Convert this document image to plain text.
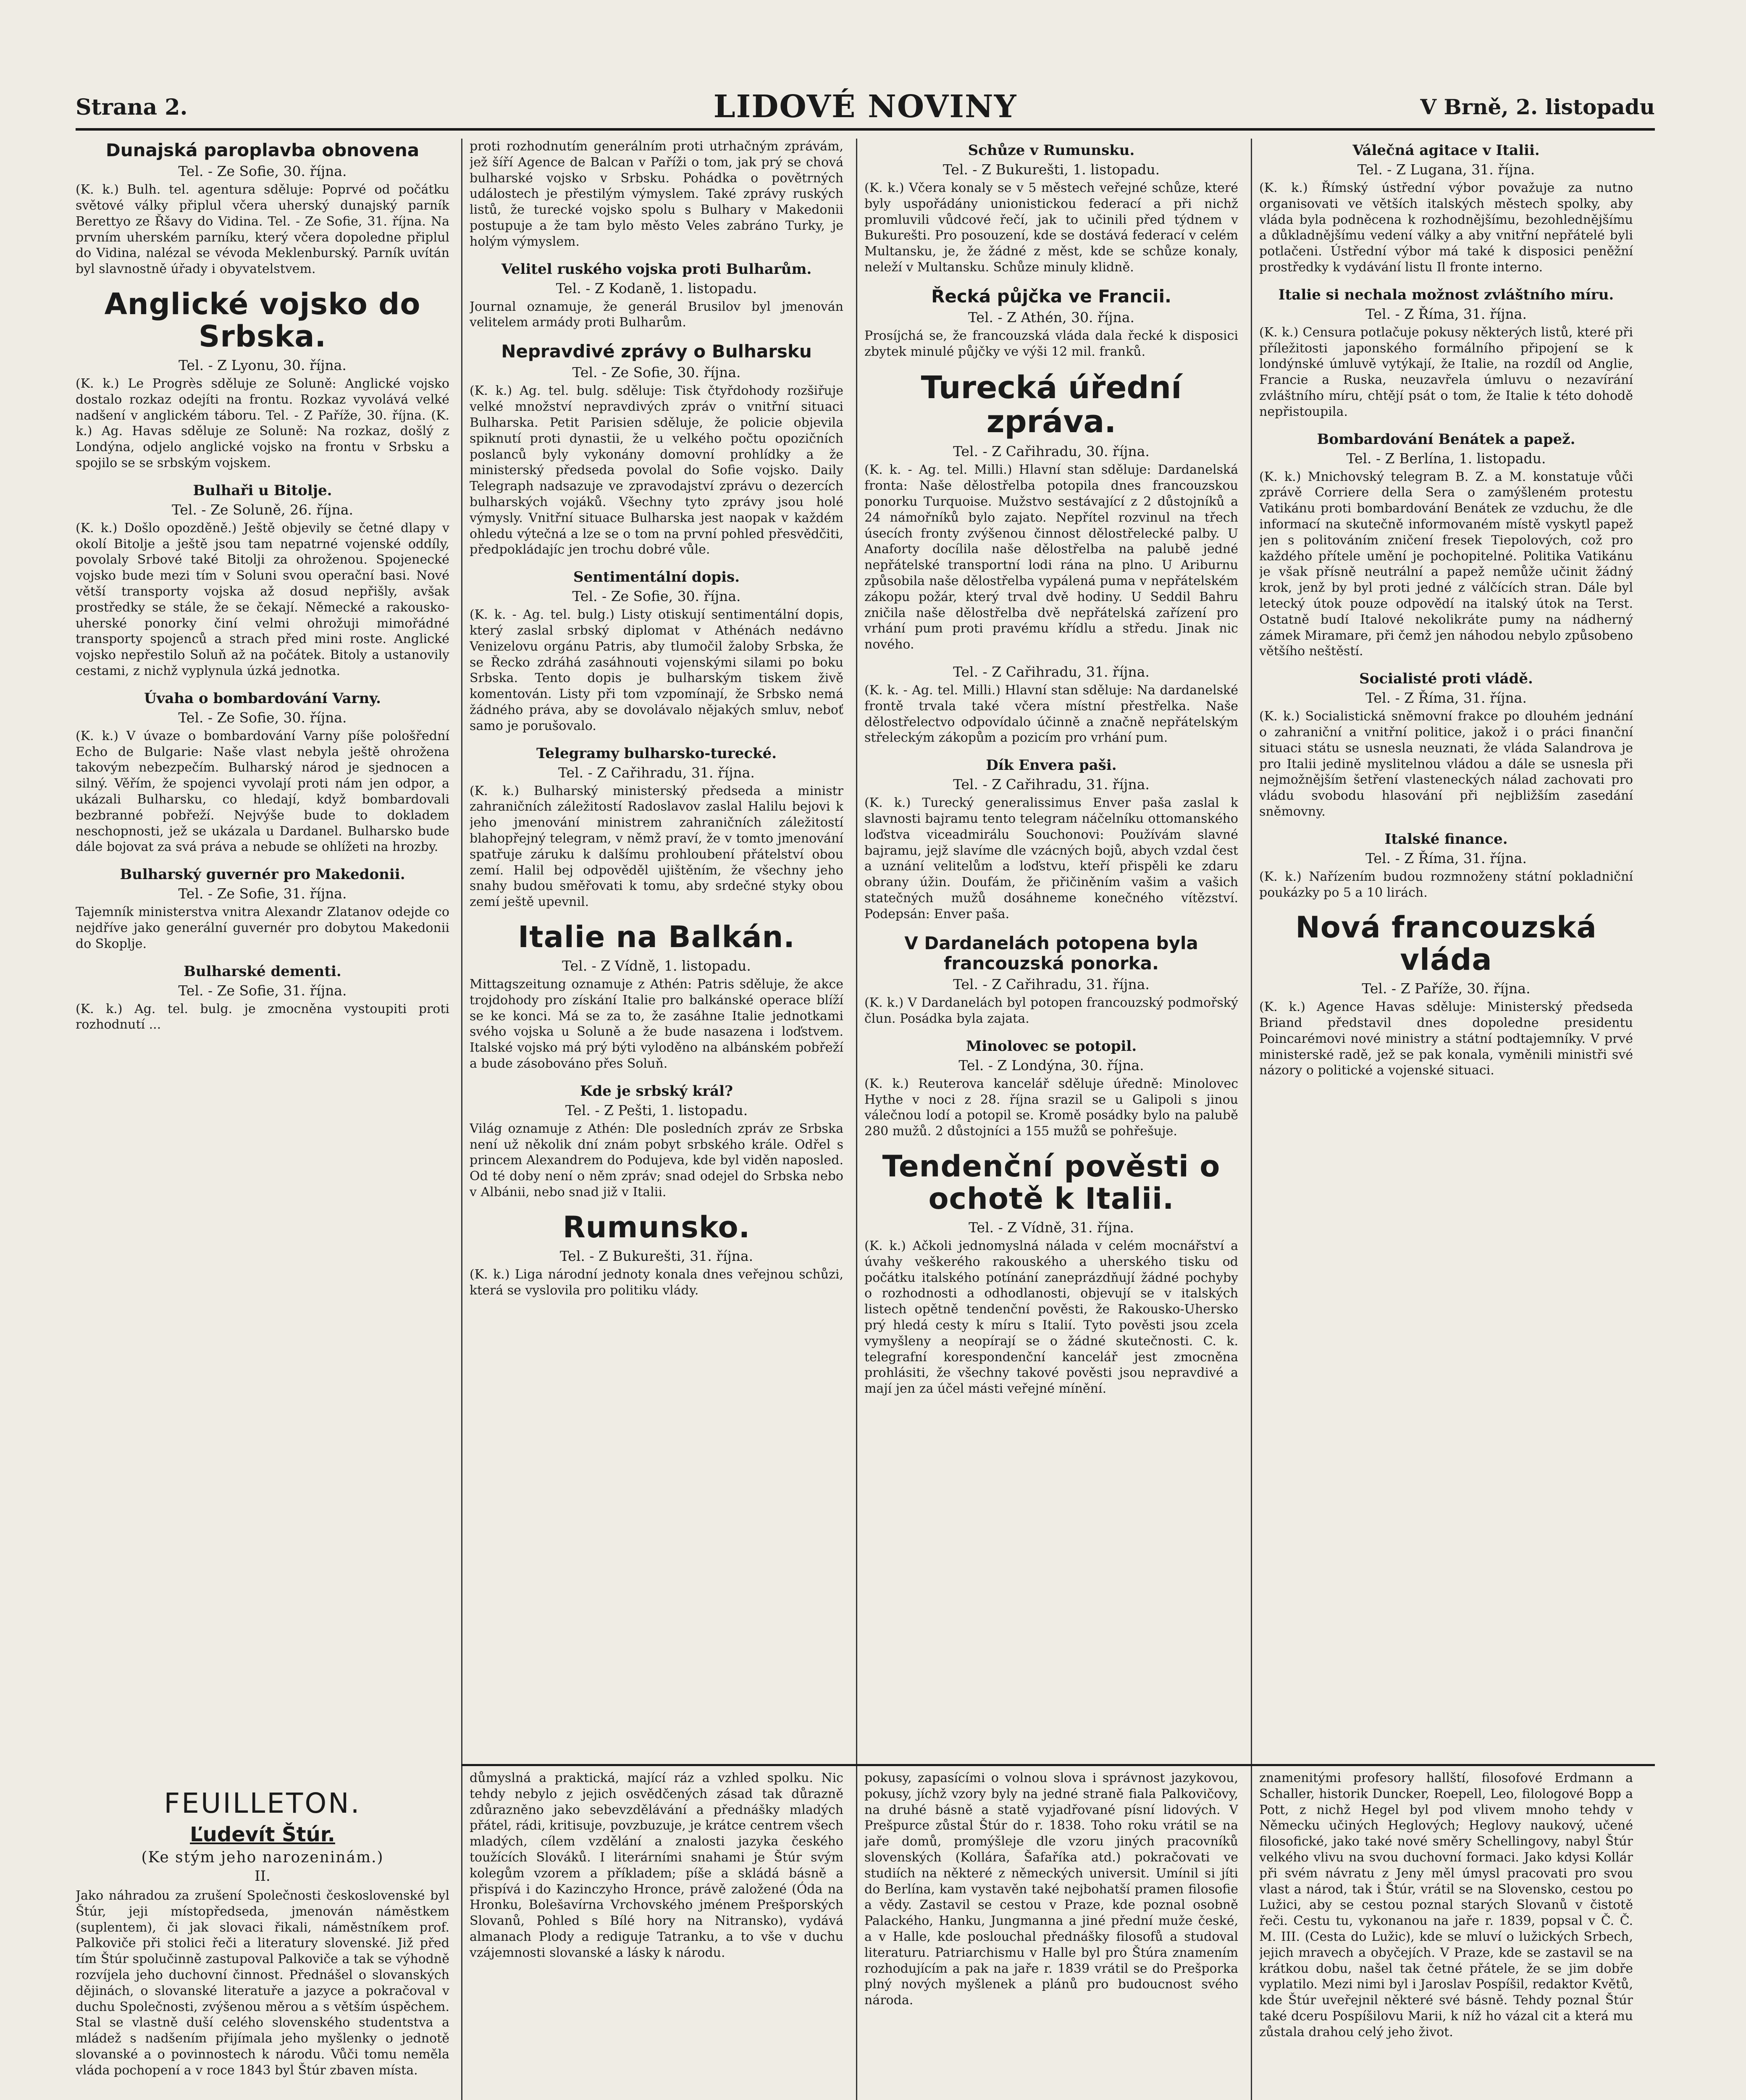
Strana 2.	LIDOVÉ NOVINY	V Brně, 2. listopadu
Dunajská paroplavba obnovena
Tel. - Ze Sofie, 30. října.

(K. k.) Bulh. tel. agentura sděluje: Poprvé od počátku světové války připlul včera uherský dunajský parník Berettyo ze Řšavy do Vidina. Tel. - Ze Sofie, 31. října. Na prvním uherském parníku, který včera dopoledne připlul do Vidina, nalézal se vévoda Meklenburský. Parník uvítán byl slavnostně úřady i obyvatelstvem.

Anglické vojsko do Srbska.
Tel. - Z Lyonu, 30. října.

(K. k.) Le Progrès sděluje ze Soluně: Anglické vojsko dostalo rozkaz odejíti na frontu. Rozkaz vyvolává velké nadšení v anglickém táboru. Tel. - Z Paříže, 30. října. (K. k.) Ag. Havas sděluje ze Soluně: Na rozkaz, došlý z Londýna, odjelo anglické vojsko na frontu v Srbsku a spojilo se se srbským vojskem.

Bulhaři u Bitolje.
Tel. - Ze Soluně, 26. října.

(K. k.) Došlo opozděně.) Ještě objevily se četné dlapy v okolí Bitolje a ještě jsou tam nepatrné vojenské oddíly, povolaly Srbové také Bitolji za ohroženou. Spojenecké vojsko bude mezi tím v Soluni svou operační basi. Nové větší transporty vojska až dosud nepřišly, avšak prostředky se stále, že se čekají. Německé a rakousko-uherské ponorky činí velmi ohrožuji mimořádné transporty spojenců a strach před mini roste. Anglické vojsko nepřestilo Soluň až na počátek. Bitoly a ustanovily cestami, z nichž vyplynula úzká jednotka.

Úvaha o bombardování Varny.
Tel. - Ze Sofie, 30. října.

(K. k.) V úvaze o bombardování Varny píše pološřední Echo de Bulgarie: Naše vlast nebyla ještě ohrožena takovým nebezpečím. Bulharský národ je sjednocen a silný. Věřím, že spojenci vyvolají proti nám jen odpor, a ukázali Bulharsku, co hledají, když bombardovali bezbranné pobřeží. Nejvýše bude to dokladem neschopnosti, jež se ukázala u Dardanel. Bulharsko bude dále bojovat za svá práva a nebude se ohlížeti na hrozby.

Bulharský guvernér pro Makedonii.
Tel. - Ze Sofie, 31. října.

Tajemník ministerstva vnitra Alexandr Zlatanov odejde co nejdříve jako generální guvernér pro dobytou Makedonii do Skoplje.

Bulharské dementi.
Tel. - Ze Sofie, 31. října.

(K. k.) Ag. tel. bulg. je zmocněna vystoupiti proti rozhodnutí ...

proti rozhodnutím generálním proti utrhačným zprávám, jež šíří Agence de Balcan v Paříži o tom, jak prý se chová bulharské vojsko v Srbsku. Pohádka o povětrných událostech je přestilým výmyslem. Také zprávy ruských listů, že turecké vojsko spolu s Bulhary v Makedonii postupuje a že tam bylo město Veles zabráno Turky, je holým výmyslem.

Velitel ruského vojska proti Bulharům.
Tel. - Z Kodaně, 1. listopadu.

Journal oznamuje, že generál Brusilov byl jmenován velitelem armády proti Bulharům.

Nepravdivé zprávy o Bulharsku
Tel. - Ze Sofie, 30. října.

(K. k.) Ag. tel. bulg. sděluje: Tisk čtyřdohody rozšiřuje velké množství nepravdivých zpráv o vnitřní situaci Bulharska. Petit Parisien sděluje, že policie objevila spiknutí proti dynastii, že u velkého počtu opozičních poslanců byly vykonány domovní prohlídky a že ministerský předseda povolal do Sofie vojsko. Daily Telegraph nadsazuje ve zpravodajství zprávu o dezercích bulharských vojáků. Všechny tyto zprávy jsou holé výmysly. Vnitřní situace Bulharska jest naopak v každém ohledu výtečná a lze se o tom na první pohled přesvědčiti, předpokládajíc jen trochu dobré vůle.

Sentimentální dopis.
Tel. - Ze Sofie, 30. října.

(K. k. - Ag. tel. bulg.) Listy otiskují sentimentální dopis, který zaslal srbský diplomat v Athénách nedávno Venizelovu orgánu Patris, aby tlumočil žaloby Srbska, že se Řecko zdráhá zasáhnouti vojenskými silami po boku Srbska. Tento dopis je bulharským tiskem živě komentován. Listy při tom vzpomínají, že Srbsko nemá žádného práva, aby se dovolávalo nějakých smluv, neboť samo je porušovalo.

Telegramy bulharsko-turecké.
Tel. - Z Cařihradu, 31. října.

(K. k.) Bulharský ministerský předseda a ministr zahraničních záležitostí Radoslavov zaslal Halilu bejovi k jeho jmenování ministrem zahraničních záležitostí blahopřejný telegram, v němž praví, že v tomto jmenování spatřuje záruku k dalšímu prohloubení přátelství obou zemí. Halil bej odpověděl ujištěním, že všechny jeho snahy budou směřovati k tomu, aby srdečné styky obou zemí ještě upevnil.

Italie na Balkán.
Tel. - Z Vídně, 1. listopadu.

Mittagszeitung oznamuje z Athén: Patris sděluje, že akce trojdohody pro získání Italie pro balkánské operace blíží se ke konci. Má se za to, že zasáhne Italie jednotkami svého vojska u Soluně a že bude nasazena i loďstvem. Italské vojsko má prý býti vyloděno na albánském pobřeží a bude zásobováno přes Soluň.

Kde je srbský král?
Tel. - Z Pešti, 1. listopadu.

Világ oznamuje z Athén: Dle posledních zpráv ze Srbska není už několik dní znám pobyt srbského krále. Odřel s princem Alexandrem do Podujeva, kde byl viděn naposled. Od té doby není o něm zpráv; snad odejel do Srbska nebo v Albánii, nebo snad již v Italii.

Rumunsko.
Tel. - Z Bukurešti, 31. října.

(K. k.) Liga národní jednoty konala dnes veřejnou schůzi, která se vyslovila pro politiku vlády.

Schůze v Rumunsku.
Tel. - Z Bukurešti, 1. listopadu.

(K. k.) Včera konaly se v 5 městech veřejné schůze, které byly uspořádány unionistickou federací a při nichž promluvili vůdcové řečí, jak to učinili před týdnem v Bukurešti. Pro posouzení, kde se dostává federací v celém Multansku, je, že žádné z měst, kde se schůze konaly, neleží v Multansku. Schůze minuly klidně.

Řecká půjčka ve Francii.
Tel. - Z Athén, 30. října.

Prosíjchá se, že francouzská vláda dala řecké k disposici zbytek minulé půjčky ve výši 12 mil. franků.

Turecká úřední zpráva.
Tel. - Z Cařihradu, 30. října.

(K. k. - Ag. tel. Milli.) Hlavní stan sděluje: Dardanelská fronta: Naše dělostřelba potopila dnes francouzskou ponorku Turquoise. Mužstvo sestávající z 2 důstojníků a 24 námořníků bylo zajato. Nepřítel rozvinul na třech úsecích fronty zvýšenou činnost dělostřelecké palby. U Anaforty docílila naše dělostřelba na palubě jedné nepřátelské transportní lodi rána na plno. U Ariburnu způsobila naše dělostřelba vypálená puma v nepřátelském zákopu požár, který trval dvě hodiny. U Seddil Bahru zničila naše dělostřelba dvě nepřátelská zařízení pro vrhání pum proti pravému křídlu a středu. Jinak nic nového.

Tel. - Z Cařihradu, 31. října.

(K. k. - Ag. tel. Milli.) Hlavní stan sděluje: Na dardanelské frontě trvala také včera místní přestřelka. Naše dělostřelectvo odpovídalo účinně a značně nepřátelským střeleckým zákopům a pozicím pro vrhání pum.

Dík Envera paši.
Tel. - Z Cařihradu, 31. října.

(K. k.) Turecký generalissimus Enver paša zaslal k slavnosti bajramu tento telegram náčelníku ottomanského loďstva viceadmirálu Souchonovi: Používám slavné bajramu, jejž slavíme dle vzácných bojů, abych vzdal čest a uznání velitelům a loďstvu, kteří přispěli ke zdaru obrany úžin. Doufám, že přičiněním vašim a vašich statečných mužů dosáhneme konečného vítězství. Podepsán: Enver paša.

V Dardanelách potopena byla francouzská ponorka.
Tel. - Z Cařihradu, 31. října.

(K. k.) V Dardanelách byl potopen francouzský podmořský člun. Posádka byla zajata.

Minolovec se potopil.
Tel. - Z Londýna, 30. října.

(K. k.) Reuterova kancelář sděluje úředně: Minolovec Hythe v noci z 28. října srazil se u Galipoli s jinou válečnou lodí a potopil se. Kromě posádky bylo na palubě 280 mužů. 2 důstojníci a 155 mužů se pohřešuje.

Tendenční pověsti o ochotě k Italii.
Tel. - Z Vídně, 31. října.

(K. k.) Ačkoli jednomyslná nálada v celém mocnářství a úvahy veškerého rakouského a uherského tisku od počátku italského potínání zaneprázdňují žádné pochyby o rozhodnosti a odhodlanosti, objevují se v italských listech opětně tendenční pověsti, že Rakousko-Uhersko prý hledá cesty k míru s Italií. Tyto pověsti jsou zcela vymyšleny a neopírají se o žádné skutečnosti. C. k. telegrafní korespondenční kancelář jest zmocněna prohlásiti, že všechny takové pověsti jsou nepravdivé a mají jen za účel másti veřejné mínění.

Válečná agitace v Italii.
Tel. - Z Lugana, 31. října.

(K. k.) Římský ústřední výbor považuje za nutno organisovati ve větších italských městech spolky, aby vláda byla podněcena k rozhodnějšímu, bezohlednějšímu a důkladnějšímu vedení války a aby vnitřní nepřátelé byli potlačeni. Ústřední výbor má také k disposici peněžní prostředky k vydávání listu Il fronte interno.

Italie si nechala možnost zvláštního míru.
Tel. - Z Říma, 31. října.

(K. k.) Censura potlačuje pokusy některých listů, které při příležitosti japonského formálního připojení se k londýnské úmluvě vytýkají, že Italie, na rozdíl od Anglie, Francie a Ruska, neuzavřela úmluvu o nezavírání zvláštního míru, chtějí psát o tom, že Italie k této dohodě nepřistoupila.

Bombardování Benátek a papež.
Tel. - Z Berlína, 1. listopadu.

(K. k.) Mnichovský telegram B. Z. a M. konstatuje vůči zprávě Corriere della Sera o zamýšleném protestu Vatikánu proti bombardování Benátek ze vzduchu, že dle informací na skutečně informovaném místě vyskytl papež jen s politováním zničení fresek Tiepolových, což pro každého přítele umění je pochopitelné. Politika Vatikánu je však přísně neutrální a papež nemůže učinit žádný krok, jenž by byl proti jedné z válčících stran. Dále byl letecký útok pouze odpovědí na italský útok na Terst. Ostatně budí Italové nekolikráte pumy na nádherný zámek Miramare, při čemž jen náhodou nebylo způsobeno většího neštěstí.

Socialisté proti vládě.
Tel. - Z Říma, 31. října.

(K. k.) Socialistická sněmovní frakce po dlouhém jednání o zahraniční a vnitřní politice, jakož i o práci finanční situaci státu se usnesla neuznati, že vláda Salandrova je pro Italii jedině myslitelnou vládou a dále se usnesla při nejmožnějším šetření vlasteneckých nálad zachovati pro vládu svobodu hlasování při nejbližším zasedání sněmovny.

Italské finance.
Tel. - Z Říma, 31. října.

(K. k.) Nařízením budou rozmnoženy státní pokladniční poukázky po 5 a 10 lirách.

Nová francouzská vláda
Tel. - Z Paříže, 30. října.

(K. k.) Agence Havas sděluje: Ministerský předseda Briand představil dnes dopoledne presidentu Poincarémovi nové ministry a státní podtajemníky. V prvé ministerské radě, jež se pak konala, vyměnili ministři své názory o politické a vojenské situaci.

FEUILLETON.
Ľudevít Štúr.
(Ke stým jeho narozeninám.)
II.

Jako náhradou za zrušení Společnosti československé byl Štúr, jeji místopředseda, jmenován náměstkem (suplentem), či jak slovaci řikali, náměstníkem prof. Palkoviče při stolici řeči a literatury slovenské. Již před tím Štúr spolučinně zastupoval Palkoviče a tak se výhodně rozvíjela jeho duchovní činnost. Přednášel o slovanských dějinách, o slovanské literatuře a jazyce a pokračoval v duchu Společnosti, zvýšenou měrou a s větším úspěchem. Stal se vlastně duší celého slovenského studentstva a mládež s nadšením přijímala jeho myšlenky o jednotě slovanské a o povinnostech k národu. Vůči tomu neměla vláda pochopení a v roce 1843 byl Štúr zbaven místa.

důmyslná a praktická, mající ráz a vzhled spolku. Nic tehdy nebylo z jejich osvědčených zásad tak důrazně zdůrazněno jako sebevzdělávání a přednášky mladých přátel, rádi, kritisuje, povzbuzuje, je krátce centrem všech mladých, cílem vzdělání a znalosti jazyka českého toužících Slováků. I literárními snahami je Štúr svým kolegům vzorem a příkladem; píše a skládá básně a přispívá i do Kazinczyho Hronce, právě založené (Óda na Hronku, Bolešavírna Vrchovského jménem Prešporských Slovanů, Pohled s Bílé hory na Nitransko), vydává almanach Plody a rediguje Tatranku, a to vše v duchu vzájemnosti slovanské a lásky k národu.

pokusy, zapasícími o volnou slova i správnost jazykovou, pokusy, jíchž vzory byly na jedné straně fiala Palkovičovy, na druhé básně a statě vyjadřované písní lidových. V Prešpurce zůstal Štúr do r. 1838. Toho roku vrátil se na jaře domů, promýšleje dle vzoru jiných pracovníků slovenských (Kollára, Šafaříka atd.) pokračovati ve studiích na některé z německých universit. Umínil si jíti do Berlína, kam vystavěn také nejbohatší pramen filosofie a vědy. Zastavil se cestou v Praze, kde poznal osobně Palackého, Hanku, Jungmanna a jiné přední muže české, a v Halle, kde poslouchal přednášky filosofů a studoval literaturu. Patriarchismu v Halle byl pro Štúra znamením rozhodujícím a pak na jaře r. 1839 vrátil se do Prešporka plný nových myšlenek a plánů pro budoucnost svého národa.

znamenitými profesory hallští, filosofové Erdmann a Schaller, historik Duncker, Roepell, Leo, filologové Bopp a Pott, z nichž Hegel byl pod vlivem mnoho tehdy v Německu učiných Heglových; Heglovy naukový, učené filosofické, jako také nové směry Schellingovy, nabyl Štúr velkého vlivu na svou duchovní formaci. Jako kdysi Kollár při svém návratu z Jeny měl úmysl pracovati pro svou vlast a národ, tak i Štúr, vrátil se na Slovensko, cestou po Lužici, aby se cestou poznal starých Slovanů v čistotě řeči. Cestu tu, vykonanou na jaře r. 1839, popsal v Č. Č. M. III. (Cesta do Lužic), kde se mluví o lužických Srbech, jejich mravech a obyčejích. V Praze, kde se zastavil se na krátkou dobu, našel tak četné přátele, že se jim dobře vyplatilo. Mezi nimi byl i Jaroslav Pospíšil, redaktor Květů, kde Štúr uveřejnil některé své básně. Tehdy poznal Štúr také dceru Pospíšilovu Marii, k níž ho vázal cit a která mu zůstala drahou celý jeho život.
